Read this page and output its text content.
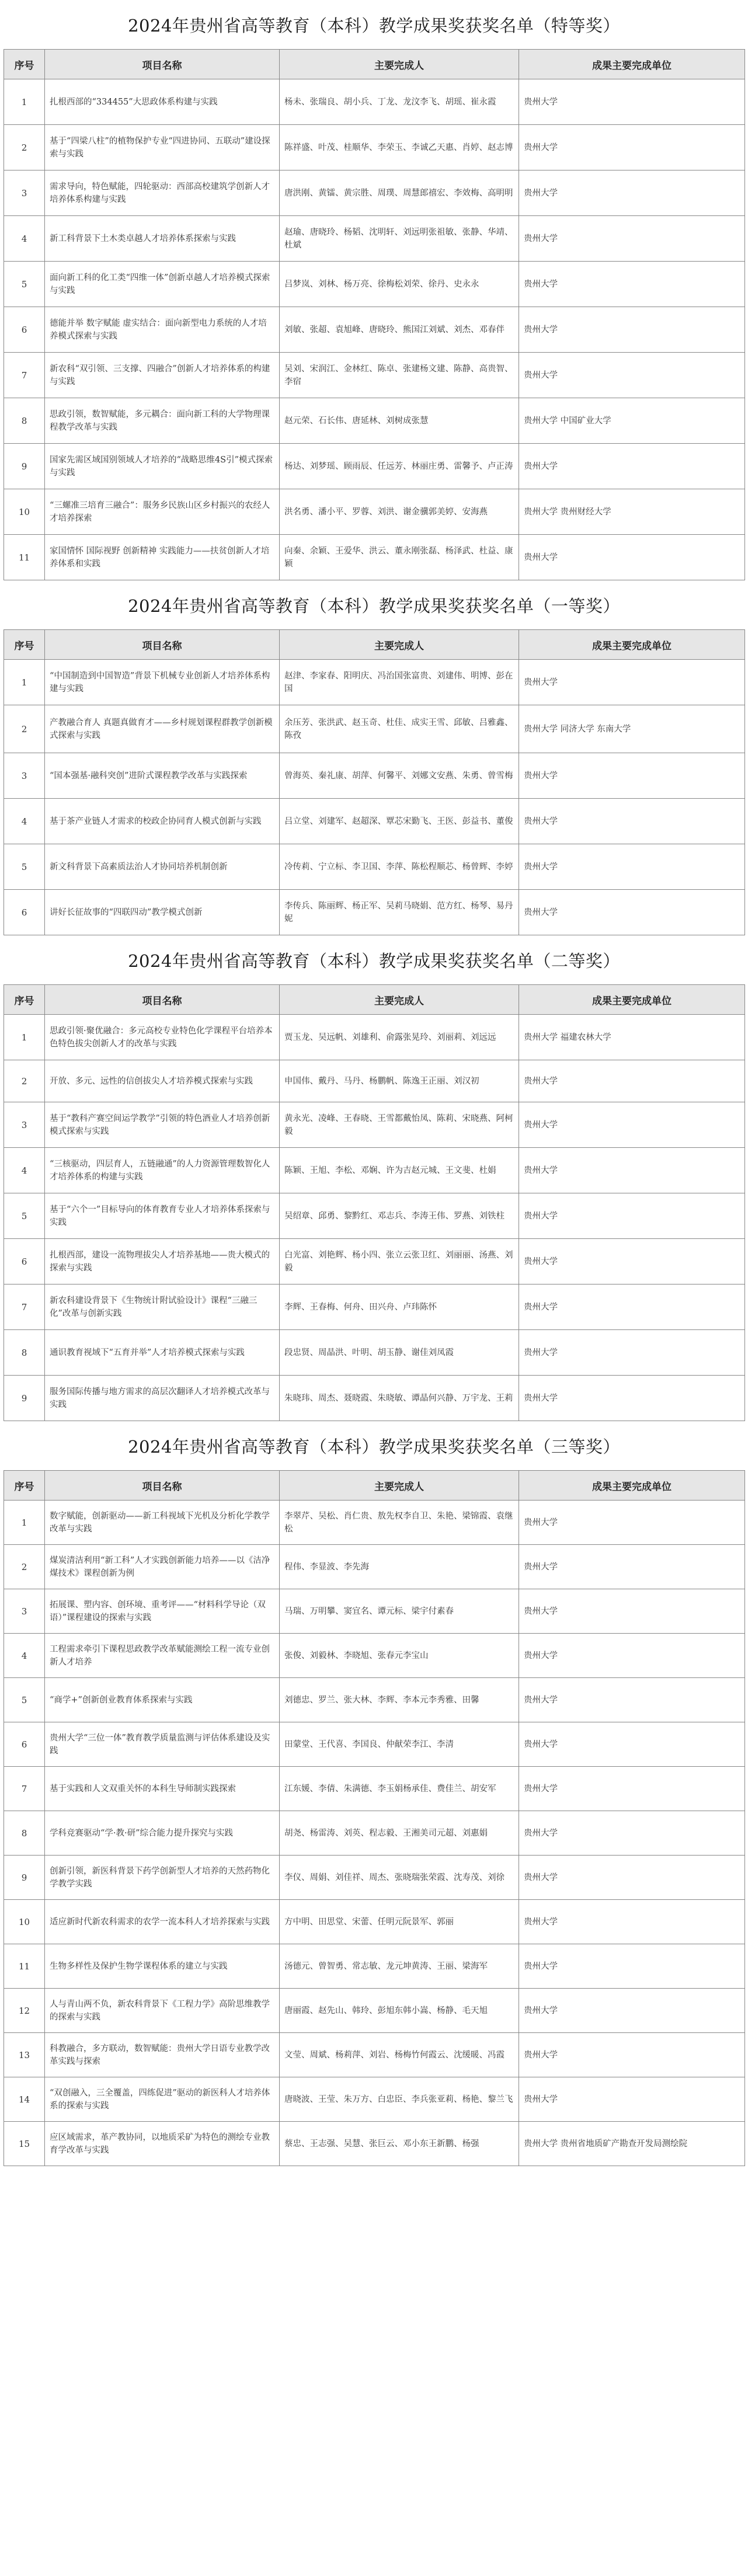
2024年贵州省高等教育（本科）教学成果奖获奖名单（特等奖）
序号	项目名称	主要完成人	成果主要完成单位
1	扎根西部的“334455”大思政体系构建与实践	杨未、张瑞良、胡小兵、丁龙、龙汶李飞、胡瑶、崔永霞	贵州大学
2	基于“四梁八柱”的植物保护专业“四进协同、五联动”建设探索与实践	陈祥盛、叶茂、桂顺华、李荣玉、李诚乙天惠、肖婷、赵志博	贵州大学
3	需求导向，特色赋能，四轮驱动：西部高校建筑学创新人才培养体系构建与实践	唐洪刚、黄镭、黄宗胜、周璞、周慧郎禧宏、李效梅、高明明	贵州大学
4	新工科背景下土木类卓越人才培养体系探索与实践	赵瑜、唐晓玲、杨韬、沈明轩、刘远明张祖敏、张静、华靖、杜斌	贵州大学
5	面向新工科的化工类“四维一体”创新卓越人才培养模式探索与实践	吕梦岚、刘林、杨万亮、徐梅松刘荣、徐丹、史永永	贵州大学
6	德能并举 数字赋能 虚实结合：面向新型电力系统的人才培养模式探索与实践	刘敏、张超、袁旭峰、唐晓玲、熊国江刘斌、刘杰、邓春伴	贵州大学
7	新农科“双引领、三支撑、四融合”创新人才培养体系的构建与实践	吴刘、宋润江、金林红、陈卓、张建杨文建、陈静、高贵智、李宿	贵州大学
8	思政引领，数智赋能，多元耦合：面向新工科的大学物理课程教学改革与实践	赵元荣、石长伟、唐延林、刘树成张慧	贵州大学 中国矿业大学
9	国家先需区域国别领域人才培养的“战略思维4S引”模式探索与实践	杨达、刘梦瑶、顾雨辰、任远芳、林丽庄勇、雷馨予、卢正涛	贵州大学
10	“三螺准三培育三融合”：服务乡民族山区乡村振兴的农经人才培养探索	洪名勇、潘小平、罗蓉、刘洪、谢金骥郭美婷、安海燕	贵州大学 贵州财经大学
11	家国情怀 国际视野 创新精神 实践能力——扶贫创新人才培养体系和实践	向秦、余颖、王爱华、洪云、董永刚张磊、杨泽武、杜益、康颖	贵州大学
2024年贵州省高等教育（本科）教学成果奖获奖名单（一等奖）
序号	项目名称	主要完成人	成果主要完成单位
1	“中国制造到中国智造”背景下机械专业创新人才培养体系构建与实践	赵津、李家春、阳明庆、冯治国张富贵、刘建伟、明博、彭在国	贵州大学
2	产教融合育人 真题真做育才——乡村规划课程群教学创新模式探索与实践	余压芳、张洪武、赵玉奇、杜佳、成实王雪、邱敏、吕雅鑫、陈孜	贵州大学 同济大学 东南大学
3	“国本强基·融科突创”进阶式课程教学改革与实践探索	曾海英、秦礼康、胡萍、何馨平、刘娜文安燕、朱勇、曾雪梅	贵州大学
4	基于茶产业链人才需求的校政企协同育人模式创新与实践	吕立堂、刘建军、赵超深、覃芯宋勤飞、王医、彭益书、董俊	贵州大学
5	新文科背景下高素质法治人才协同培养机制创新	冷传莉、宁立标、李卫国、李萍、陈松程顺芯、杨曾辉、李婷	贵州大学
6	讲好长征故事的“四联四动”教学模式创新	李传兵、陈丽辉、杨正军、吴莉马晓娟、范方红、杨琴、易丹妮	贵州大学
2024年贵州省高等教育（本科）教学成果奖获奖名单（二等奖）
序号	项目名称	主要完成人	成果主要完成单位
1	思政引领·聚优融合：多元高校专业特色化学课程平台培养本色特色拔尖创新人才的改革与实践	贾玉龙、吴远帆、刘雄利、俞露张晃玲、刘丽莉、刘远远	贵州大学 福建农林大学
2	开放、多元、远性的信创拔尖人才培养模式探索与实践	申国伟、戴丹、马丹、杨鹏帆、陈逸王正丽、刘汉初	贵州大学
3	基于“教科产赛空间运学教学”引领的特色酒业人才培养创新模式探索与实践	黄永光、凌峰、王春晓、王雪都戴怡凤、陈莉、宋晓燕、阿柯毅	贵州大学
4	“三核驱动，四层育人，五链融通”的人力资源管理数智化人才培养体系的构建与实践	陈颖、王旭、李松、邓娴、许为吉赵元城、王文斐、杜娟	贵州大学
5	基于“六个一”目标导向的体育教育专业人才培养体系探索与实践	吴绍章、邱勇、黎黔红、邓志兵、李涛王伟、罗燕、刘铁柱	贵州大学
6	扎根西部，建设一流物理拔尖人才培养基地——贵大模式的探索与实践	白光富、刘艳辉、杨小四、张立云张卫红、刘丽丽、汤燕、刘毅	贵州大学
7	新农科建设背景下《生物统计附试验设计》课程“三融三化”改革与创新实践	李辉、王春梅、何舟、田兴舟、卢玮陈怀	贵州大学
8	通识教育视域下“五育并举”人才培养模式探索与实践	段忠贤、周晶洪、叶明、胡玉静、谢佳刘凤霞	贵州大学
9	服务国际传播与地方需求的高层次翻译人才培养模式改革与实践	朱晓玮、周杰、聂晓霞、朱晓敏、谭晶何兴静、万宇龙、王莉	贵州大学
2024年贵州省高等教育（本科）教学成果奖获奖名单（三等奖）
序号	项目名称	主要完成人	成果主要完成单位
1	数字赋能，创新驱动——新工科视域下光机及分析化学教学改革与实践	李翠芹、吴松、肖仁贵、敖先权李自卫、朱艳、梁锦霞、袁继松	贵州大学
2	煤炭清洁利用“新工科”人才实践创新能力培养——以《洁净煤技术》课程创新为例	程伟、李显波、李先海	贵州大学
3	拓展课、塑内容、创环境、重考评——“材料科学导论（双语）”课程建设的探索与实践	马瑞、万明攀、窦宜名、谭元标、梁宇付素春	贵州大学
4	工程需求牵引下课程思政教学改革赋能测绘工程一流专业创新人才培养	张俊、刘毅林、李晓旭、张春元李宝山	贵州大学
5	“商学+”创新创业教育体系探索与实践	刘德忠、罗兰、张大林、李辉、李本元李秀雅、田馨	贵州大学
6	贵州大学“三位一体”教育教学质量监测与评估体系建设及实践	田蒙堂、王代喜、李国良、仲献荣李江、李清	贵州大学
7	基于实践和人文双重关怀的本科生导师制实践探索	江东媛、李倩、朱满德、李玉娟杨承佳、费佳兰、胡安军	贵州大学
8	学科竞赛驱动“学·教·研”综合能力提升探究与实践	胡尧、杨雷涛、刘英、程志毅、王湘美司元超、刘惠娟	贵州大学
9	创新引领，新医科背景下药学创新型人才培养的天然药物化学教学实践	李仪、周娟、刘佳祥、周杰、张晓瑞张荣霞、沈寿茂、刘徐	贵州大学
10	适应新时代新农科需求的农学一流本科人才培养探索与实践	方中明、田思堂、宋蕾、任明元阮景军、郭丽	贵州大学
11	生物多样性及保护生物学课程体系的建立与实践	汤德元、曾智勇、常志敏、龙元坤黄涛、王丽、梁海军	贵州大学
12	人与青山两不负，新农科背景下《工程力学》高阶思维教学的探索与实践	唐丽霞、赵先山、韩玲、彭旭东韩小嵩、杨静、毛天旭	贵州大学
13	科教融合，多方联动，数智赋能：贵州大学日语专业教学改革实践与探索	文莹、周斌、杨莉萍、刘岩、杨梅竹何霞云、沈缓暖、冯霞	贵州大学
14	“双创融入，三全覆盖，四练促进”驱动的新医科人才培养体系的探索与实践	唐晓波、王莹、朱万方、白忠臣、李兵张亚莉、杨艳、黎兰飞	贵州大学
15	应区域需求，革产教协同，以地质采矿为特色的测绘专业教育学改革与实践	蔡忠、王志强、吴慧、张巨云、邓小东王新鹏、杨强	贵州大学 贵州省地质矿产勘查开发局测绘院
